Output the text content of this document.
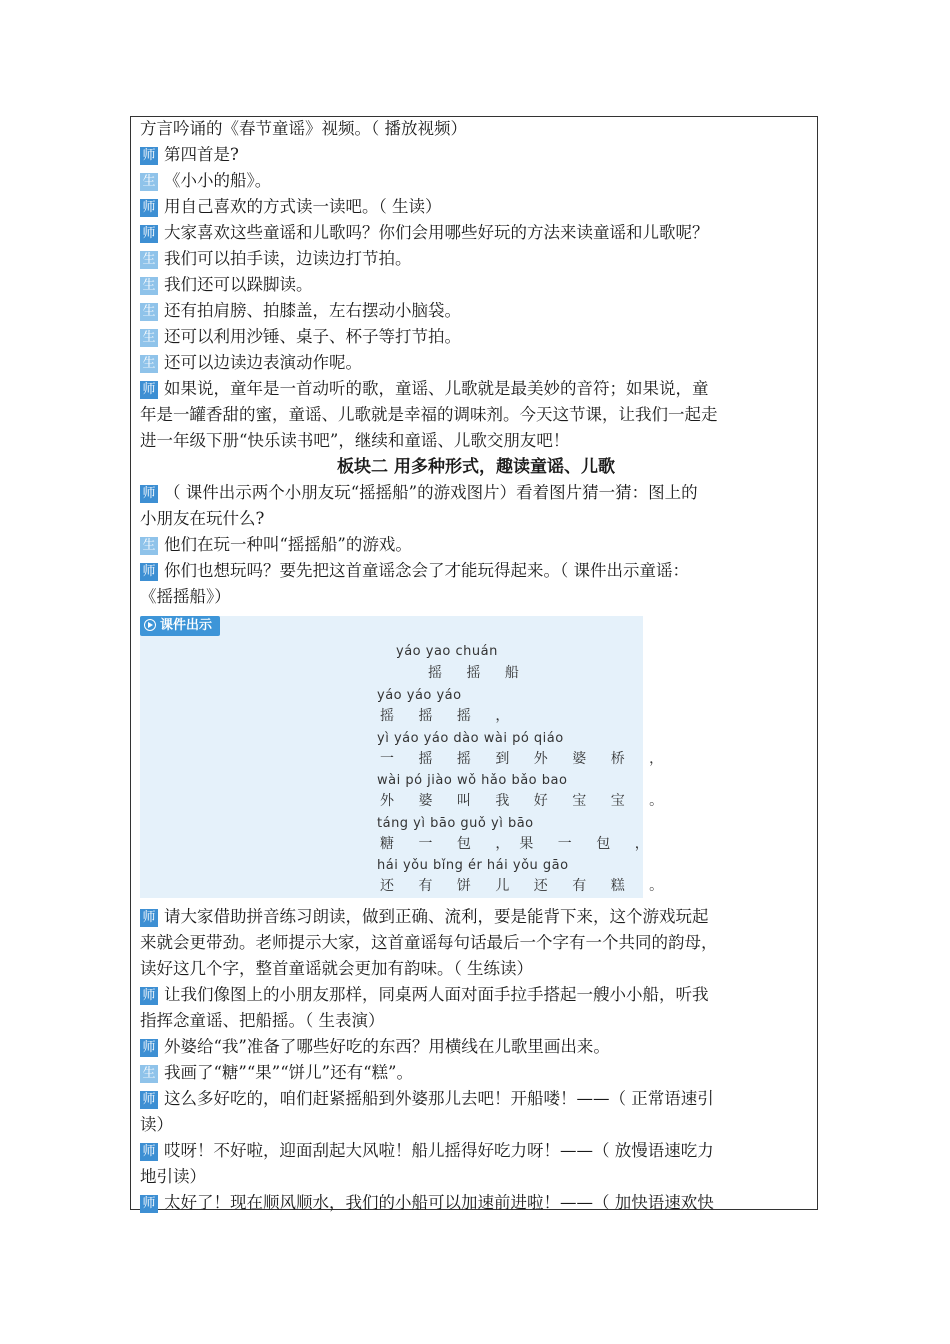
方言吟诵的《春节童谣》视频。（ 播放视频）
师 第四首是?
生 《小小的船》。
师 用自己喜欢的方式读一读吧。（ 生读）
师 大家喜欢这些童谣和儿歌吗？你们会用哪些好玩的方法来读童谣和儿歌呢？
生 我们可以拍手读，边读边打节拍。
生 我们还可以跺脚读。
生 还有拍肩膀、拍膝盖，左右摆动小脑袋。
生 还可以利用沙锤、桌子、杯子等打节拍。
生 还可以边读边表演动作呢。
师 如果说，童年是一首动听的歌，童谣、儿歌就是最美妙的音符；如果说，童
年是一罐香甜的蜜，童谣、儿歌就是幸福的调味剂。今天这节课，让我们一起走
进一年级下册“快乐读书吧”，继续和童谣、儿歌交朋友吧！
板块二 用多种形式，趣读童谣、儿歌
师 （ 课件出示两个小朋友玩“摇摇船”的游戏图片）看着图片猜一猜：图上的
小朋友在玩什么?
生 他们在玩一种叫“摇摇船”的游戏。
师 你们也想玩吗？要先把这首童谣念会了才能玩得起来。（ 课件出示童谣：
《摇摇船》）
课件出示
yáo yao chuán
摇 摇 船
yáo yáo yáo
摇 摇 摇 ，
yì yáo yáo dào wài pó qiáo
一 摇 摇 到 外 婆 桥 ，
wài pó jiào wǒ hǎo bǎo bao
外 婆 叫 我 好 宝 宝 。
táng yì bāo guǒ yì bāo
糖 一 包 ，果 一 包 ，
hái yǒu bǐng ér hái yǒu gāo
还 有 饼 儿 还 有 糕 。
师 请大家借助拼音练习朗读，做到正确、流利，要是能背下来，这个游戏玩起
来就会更带劲。老师提示大家，这首童谣每句话最后一个字有一个共同的韵母，
读好这几个字，整首童谣就会更加有韵味。（ 生练读）
师 让我们像图上的小朋友那样，同桌两人面对面手拉手搭起一艘小小船，听我
指挥念童谣、把船摇。（ 生表演）
师 外婆给“我”准备了哪些好吃的东西？用横线在儿歌里画出来。
生 我画了“糖”“果”“饼儿”还有“糕”。
师 这么多好吃的，咱们赶紧摇船到外婆那儿去吧！开船喽！——（ 正常语速引
读）
师 哎呀！不好啦，迎面刮起大风啦！船儿摇得好吃力呀！——（ 放慢语速吃力
地引读）
师 太好了！现在顺风顺水，我们的小船可以加速前进啦！——（ 加快语速欢快
